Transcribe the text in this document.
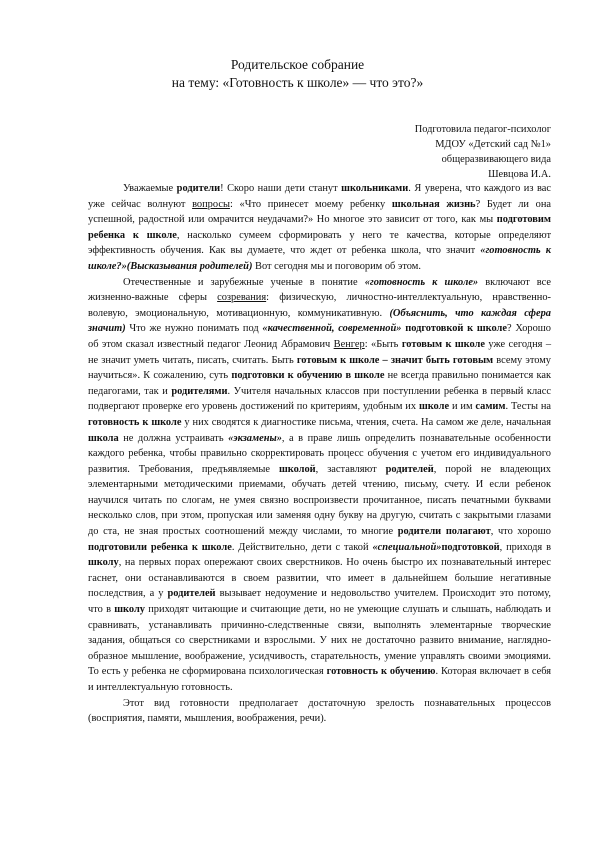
Родительское собрание
на тему: «Готовность к школе» — что это?»
Подготовила педагог-психолог
МДОУ «Детский сад №1»
общеразвивающего вида
Шевцова И.А.

Уважаемые родители! Скоро наши дети станут школьниками. Я уверена, что каждого из вас уже сейчас волнуют вопросы: «Что принесет моему ребенку школьная жизнь? Будет ли она успешной, радостной или омрачится неудачами?» Но многое это зависит от того, как мы подготовим ребенка к школе, насколько сумеем сформировать у него те качества, которые определяют эффективность обучения. Как вы думаете, что ждет от ребенка школа, что значит «готовность к школе?»(Высказывания родителей) Вот сегодня мы и поговорим об этом.

Отечественные и зарубежные ученые в понятие «готовность к школе» включают все жизненно-важные сферы созревания: физическую, личностно-интеллектуальную, нравственно-волевую, эмоциональную, мотивационную, коммуникативную. (Объяснить, что каждая сфера значит) Что же нужно понимать под «качественной, современной» подготовкой к школе? Хорошо об этом сказал известный педагог Леонид Абрамович Венгер: «Быть готовым к школе уже сегодня – не значит уметь читать, писать, считать. Быть готовым к школе – значит быть готовым всему этому научиться». К сожалению, суть подготовки к обучению в школе не всегда правильно понимается как педагогами, так и родителями. Учителя начальных классов при поступлении ребенка в первый класс подвергают проверке его уровень достижений по критериям, удобным их школе и им самим. Тесты на готовность к школе у них сводятся к диагностике письма, чтения, счета. На самом же деле, начальная школа не должна устраивать «экзамены», а в праве лишь определить познавательные особенности каждого ребенка, чтобы правильно скорректировать процесс обучения с учетом его индивидуального развития. Требования, предъявляемые школой, заставляют родителей, порой не владеющих элементарными методическими приемами, обучать детей чтению, письму, счету. И если ребенок научился читать по слогам, не умея связно воспроизвести прочитанное, писать печатными буквами несколько слов, при этом, пропуская или заменяя одну букву на другую, считать с закрытыми глазами до ста, не зная простых соотношений между числами, то многие родители полагают, что хорошо подготовили ребенка к школе. Действительно, дети с такой «специальной»подготовкой, приходя в школу, на первых порах опережают своих сверстников. Но очень быстро их познавательный интерес гаснет, они останавливаются в своем развитии, что имеет в дальнейшем большие негативные последствия, а у родителей вызывает недоумение и недовольство учителем. Происходит это потому, что в школу приходят читающие и считающие дети, но не умеющие слушать и слышать, наблюдать и сравнивать, устанавливать причинно-следственные связи, выполнять элементарные творческие задания, общаться со сверстниками и взрослыми. У них не достаточно развито внимание, наглядно-образное мышление, воображение, усидчивость, старательность, умение управлять своими эмоциями. То есть у ребенка не сформирована психологическая готовность к обучению. Которая включает в себя и интеллектуальную готовность.

Этот вид готовности предполагает достаточную зрелость познавательных процессов (восприятия, памяти, мышления, воображения, речи).
